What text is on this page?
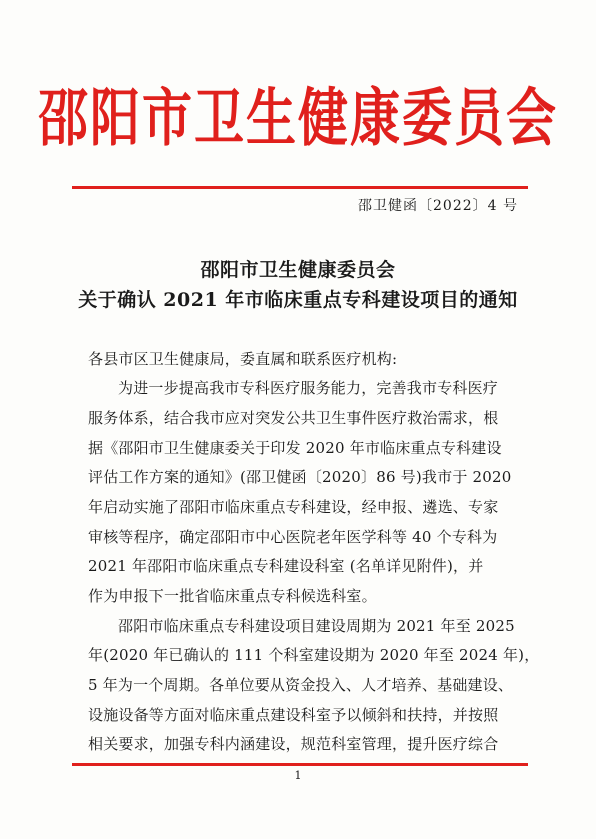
邵阳市卫生健康委员会
邵卫健函〔2022〕4 号
邵阳市卫生健康委员会
关于确认 2021 年市临床重点专科建设项目的通知
各县市区卫生健康局，委直属和联系医疗机构:
为进一步提高我市专科医疗服务能力，完善我市专科医疗
服务体系，结合我市应对突发公共卫生事件医疗救治需求，根
据《邵阳市卫生健康委关于印发 2020 年市临床重点专科建设
评估工作方案的通知》(邵卫健函〔2020〕86 号)我市于 2020
年启动实施了邵阳市临床重点专科建设，经申报、遴选、专家
审核等程序，确定邵阳市中心医院老年医学科等 40 个专科为
2021 年邵阳市临床重点专科建设科室 (名单详见附件)，并
作为申报下一批省临床重点专科候选科室。
邵阳市临床重点专科建设项目建设周期为 2021 年至 2025
年(2020 年已确认的 111 个科室建设期为 2020 年至 2024 年)，
5 年为一个周期。各单位要从资金投入、人才培养、基础建设、
设施设备等方面对临床重点建设科室予以倾斜和扶持，并按照
相关要求，加强专科内涵建设，规范科室管理，提升医疗综合
1
